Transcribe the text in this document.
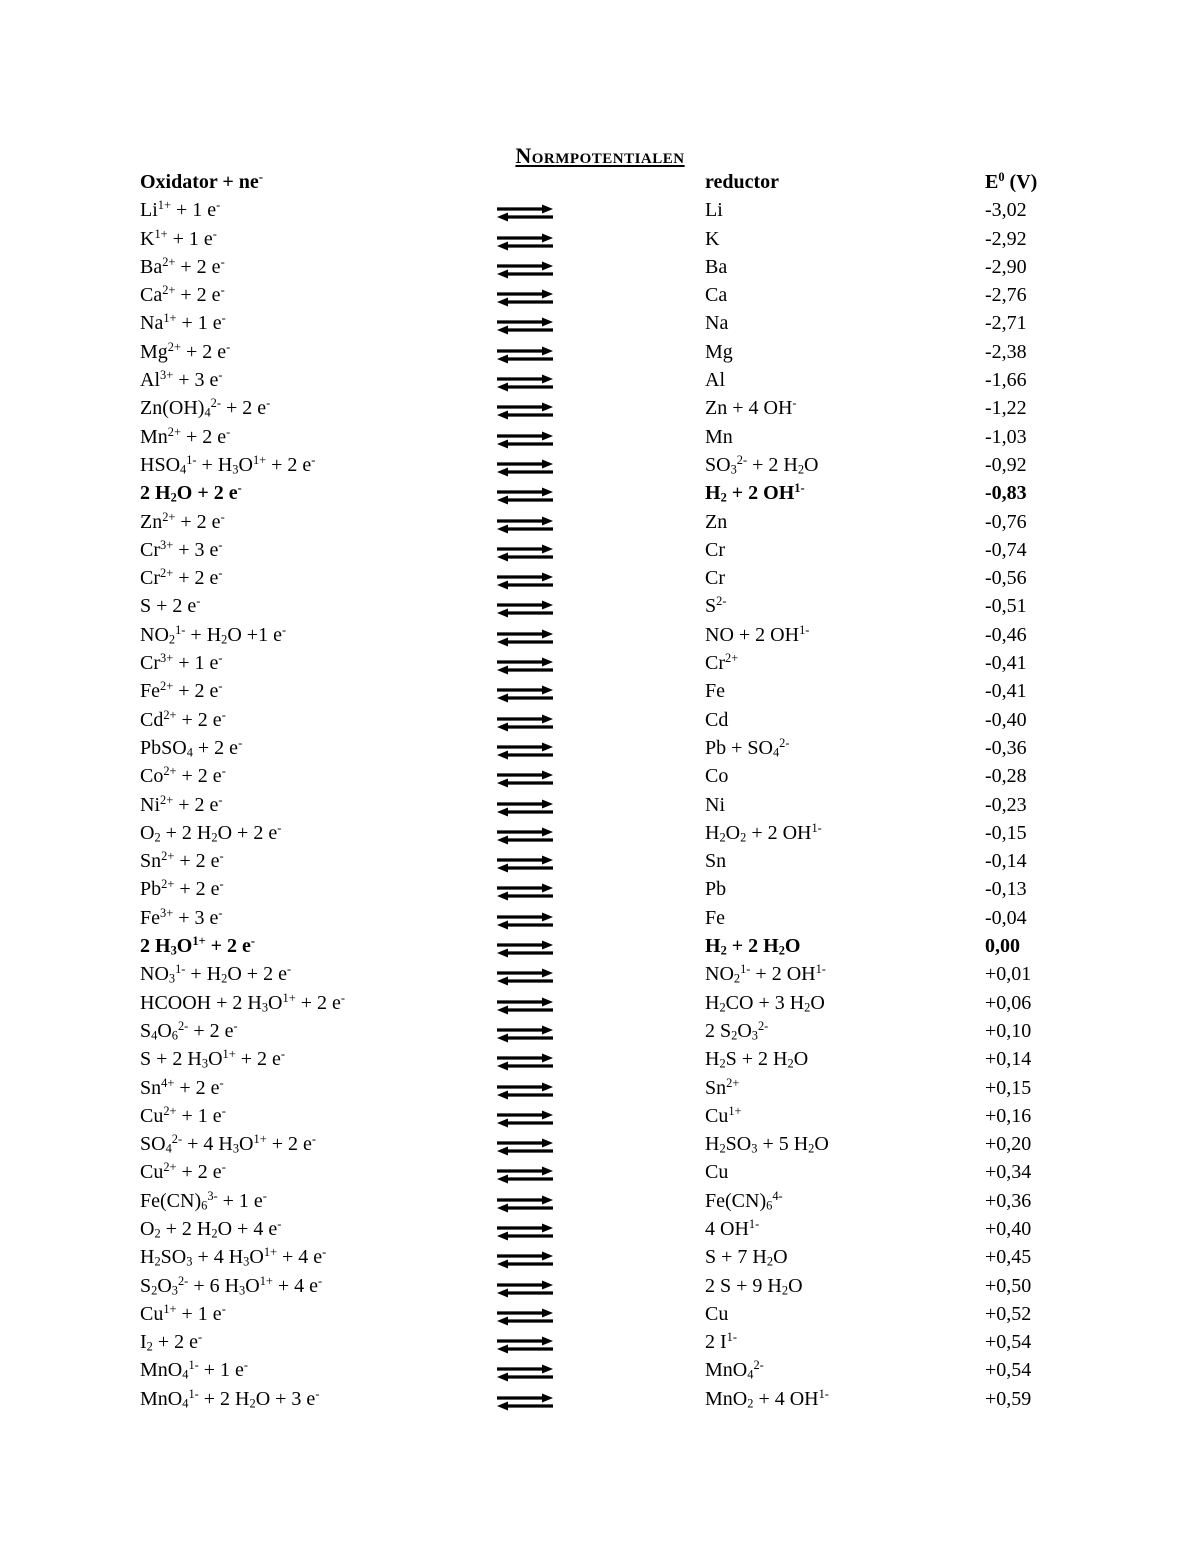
Normpotentialen
Oxidator + ne-	reductor	$E^0$ (V)
$Li^{1+} + 1$ e-	Li	-3,02
$K^{1+} + 1$ e-	K	-2,92
$Ba^{2+} + 2$ e-	Ba	-2,90
$Ca^{2+} + 2$ e-	Ca	-2,76
$Na^{1+} + 1$ e-	Na	-2,71
$Mg^{2+} + 2$ e-	Mg	-2,38
$Al^{3+} + 3$ e-	Al	-1,66
$Zn(OH)_4^{2-} + 2$ e-	Zn + 4 OH-	-1,22
$Mn^{2+} + 2$ e-	Mn	-1,03
$HSO_4^{1-} + H_3O^{1+} + 2$ e-	$SO_3^{2-} + 2$ $H_2O$	-0,92
2 $H_2O + 2$ e-	$H_2 + 2$ $OH^{1-}$	-0,83
$Zn^{2+} + 2$ e-	Zn	-0,76
$Cr^{3+} + 3$ e-	Cr	-0,74
$Cr^{2+} + 2$ e-	Cr	-0,56
S + 2 e-	$S^{2-}$	-0,51
$NO_2^{1-} + H_2O +1$ e-	NO + 2 $OH^{1-}$	-0,46
$Cr^{3+} + 1$ e-	$Cr^{2+}$	-0,41
$Fe^{2+} + 2$ e-	Fe	-0,41
$Cd^{2+} + 2$ e-	Cd	-0,40
PbSO$_4$ + 2 e-	$Pb + SO_4^{2-}$	-0,36
$Co^{2+} + 2$ e-	Co	-0,28
$Ni^{2+} + 2$ e-	Ni	-0,23
$O_2 + 2$ $H_2O + 2$ e-	$H_2O_2 + 2$ $OH^{1-}$	-0,15
$Sn^{2+} + 2$ e-	Sn	-0,14
$Pb^{2+} + 2$ e-	Pb	-0,13
$Fe^{3+} + 3$ e-	Fe	-0,04
2 $H_3O^{1+} + 2$ e-	$H_2 + 2$ $H_2O$	0,00
$NO_3^{1-} + H_2O + 2$ e-	$NO_2^{1-} + 2$ $OH^{1-}$	+0,01
HCOOH + 2 $H_3O^{1+} + 2$ e-	$H_2CO + 3$ $H_2O$	+0,06
$S_4O_6^{2-} + 2$ e-	2 $S_2O_3^{2-}$	+0,10
S + 2 $H_3O^{1+} + 2$ e-	$H_2S + 2$ $H_2O$	+0,14
$Sn^{4+} + 2$ e-	$Sn^{2+}$	+0,15
$Cu^{2+} + 1$ e-	$Cu^{1+}$	+0,16
$SO_4^{2-} + 4$ $H_3O^{1+} + 2$ e-	$H_2SO_3 + 5$ $H_2O$	+0,20
$Cu^{2+} + 2$ e-	Cu	+0,34
$Fe(CN)_6^{3-} + 1$ e-	$Fe(CN)_6^{4-}$	+0,36
$O_2 + 2$ $H_2O + 4$ e-	4 $OH^{1-}$	+0,40
$H_2SO_3 + 4$ $H_3O^{1+} + 4$ e-	S + 7 $H_2O$	+0,45
$S_2O_3^{2-} + 6$ $H_3O^{1+} + 4$ e-	2 S + 9 $H_2O$	+0,50
$Cu^{1+} + 1$ e-	Cu	+0,52
$I_2 + 2$ e-	2 $I^{1-}$	+0,54
MnO$_4^{1-}$ + 1 e-	MnO$_4^{2-}$	+0,54
MnO$_4^{1-}$ + 2 $H_2O + 3$ e-	MnO$_2$ + 4 $OH^{1-}$	+0,59
